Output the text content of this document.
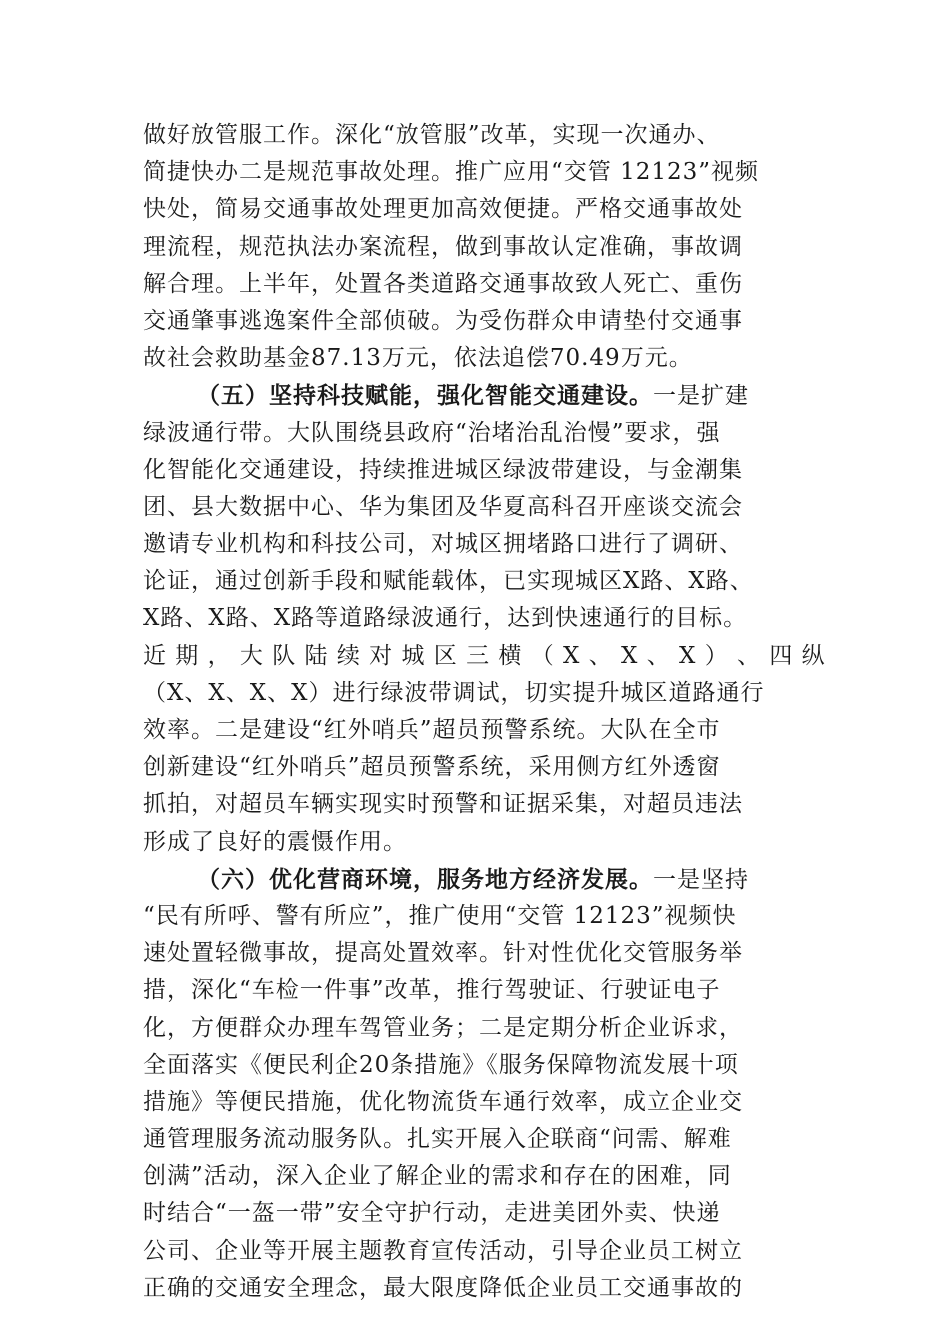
做好放管服工作。深化“放管服”改革，实现一次通办、
简捷快办二是规范事故处理。推广应用“交管 12123”视频
快处，简易交通事故处理更加高效便捷。严格交通事故处
理流程，规范执法办案流程，做到事故认定准确，事故调
解合理。上半年，处置各类道路交通事故致人死亡、重伤
交通肇事逃逸案件全部侦破。为受伤群众申请垫付交通事
故社会救助基金87.13万元，依法追偿70.49万元。
（五）坚持科技赋能，强化智能交通建设。一是扩建
绿波通行带。大队围绕县政府“治堵治乱治慢”要求，强
化智能化交通建设，持续推进城区绿波带建设，与金潮集
团、县大数据中心、华为集团及华夏高科召开座谈交流会
邀请专业机构和科技公司，对城区拥堵路口进行了调研、
论证，通过创新手段和赋能载体，已实现城区X路、X路、
X路、X路、X路等道路绿波通行，达到快速通行的目标。
近 期 ， 大 队 陆 续 对 城 区 三 横 （ X 、 X 、 X ） 、 四 纵
（X、X、X、X）进行绿波带调试，切实提升城区道路通行
效率。二是建设“红外哨兵”超员预警系统。大队在全市
创新建设“红外哨兵”超员预警系统，采用侧方红外透窗
抓拍，对超员车辆实现实时预警和证据采集，对超员违法
形成了良好的震慑作用。
（六）优化营商环境，服务地方经济发展。一是坚持
“民有所呼、警有所应”，推广使用“交管 12123”视频快
速处置轻微事故，提高处置效率。针对性优化交管服务举
措，深化“车检一件事”改革，推行驾驶证、行驶证电子
化，方便群众办理车驾管业务；二是定期分析企业诉求，
全面落实《便民利企20条措施》《服务保障物流发展十项
措施》等便民措施，优化物流货车通行效率，成立企业交
通管理服务流动服务队。扎实开展入企联商“问需、解难
创满”活动，深入企业了解企业的需求和存在的困难，同
时结合“一盔一带”安全守护行动，走进美团外卖、快递
公司、企业等开展主题教育宣传活动，引导企业员工树立
正确的交通安全理念，最大限度降低企业员工交通事故的
